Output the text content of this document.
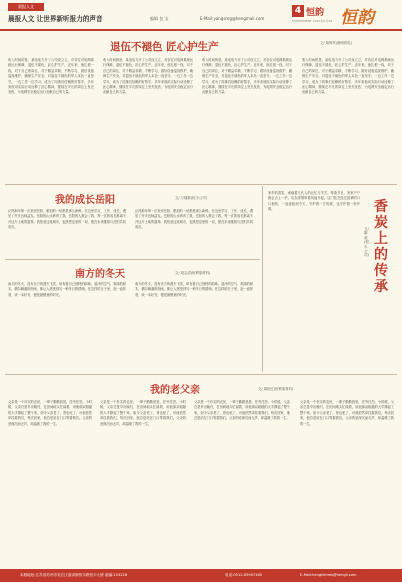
晨报人文
晨报人文 让世界新听报力的声音	编辑 包 宝	E-Mail:yangsmg@hengmail.com
4 恒韵
SUPPLEMENT 2020年6月28 恒韵
退伍不褪色 匠心护生产	文/ 周尚军(潮州供电)
收入时间的是，某电电力开了公司设立立，对各位对电网系统运行保障，退伍不褪色，匠心护生产。近年来，他扎根一线，对于自己的岗位，对于精益求精，不断学习，做好设备巡视维护，确保生产安全，对退伍不褪色的军人本色一直坚守。一边工作一边学习，成为了同事们信赖的好帮手，多年来他用实际行动诠释了匠心精神，继续在平凡的岗位上发光发热，为电网安全稳定运行贡献自己的力量。
收入时间的是，某电电力开了公司设立立，对各位对电网系统运行保障，退伍不褪色，匠心护生产。近年来，他扎根一线，对于自己的岗位，对于精益求精，不断学习，做好设备巡视维护，确保生产安全，对退伍不褪色的军人本色一直坚守。一边工作一边学习，成为了同事们信赖的好帮手，多年来他用实际行动诠释了匠心精神，继续在平凡的岗位上发光发热，为电网安全稳定运行贡献自己的力量。
收入时间的是，某电电力开了公司设立立，对各位对电网系统运行保障，退伍不褪色，匠心护生产。近年来，他扎根一线，对于自己的岗位，对于精益求精，不断学习，做好设备巡视维护，确保生产安全，对退伍不褪色的军人本色一直坚守。一边工作一边学习，成为了同事们信赖的好帮手，多年来他用实际行动诠释了匠心精神，继续在平凡的岗位上发光发热，为电网安全稳定运行贡献自己的力量。
收入时间的是，某电电力开了公司设立立，对各位对电网系统运行保障，退伍不褪色，匠心护生产。近年来，他扎根一线，对于自己的岗位，对于精益求精，不断学习，做好设备巡视维护，确保生产安全，对退伍不褪色的军人本色一直坚守。一边工作一边学习，成为了同事们信赖的好帮手，多年来他用实际行动诠释了匠心精神，继续在平凡的岗位上发光发热，为电网安全稳定运行贡献自己的力量。
我的成长岳阳	文/ 万啸都(恒丰公司)
记得那年第一次来到岳阳，眼前的一切都是那么新鲜。在这里学习、工作、成长，遇见了许多良师益友。岳阳的山水养育了我，岳阳的人教会了我，每一次的成长都离不开这片土地的滋养。我热爱这座城市，也感恩这里的一切，愿在未来继续与岳阳共同成长。
记得那年第一次来到岳阳，眼前的一切都是那么新鲜。在这里学习、工作、成长，遇见了许多良师益友。岳阳的山水养育了我，岳阳的人教会了我，每一次的成长都离不开这片土地的滋养。我热爱这座城市，也感恩这里的一切，愿在未来继续与岳阳共同成长。
南方的冬天	文/ 周志清(恒利原材料)
南方的冬天，没有北方的漫天飞雪，却有着自己独特的韵味。湿冷的空气，常绿的树木，偶尔飘落的细雨，都让人感受到另一种冬日的情调。在这样的日子里，泡一壶热茶，读一本好书，便是最惬意的时光。
南方的冬天，没有北方的漫天飞雪，却有着自己独特的韵味。湿冷的空气，常绿的树木，偶尔飘落的细雨，都让人感受到另一种冬日的情调。在这样的日子里，泡一壶热茶，读一本好书，便是最惬意的时光。
家乡的香炭，承载着几代人的记忆与手艺。每逢节日，家家户户都会点上一炉，袅袅青烟带着祝福升起。这门技艺经过祖辈的口口相传，一直延续到今天，守护着一方传统，也守护着一份乡情。
文/ 陈 欢(恒丰公司)
香炭上的传承
我的老父亲	文/ 周柏红(恒利原材料)
父亲是一个朴实的农民，一辈子勤勤恳恳，任劳任怨。小时候，父亲总是早出晚归，在田间地头忙碌着，用他那双粗糙的大手撑起了整个家。如今父亲老了，背也驼了，可他依然牵挂着我们，每次回家，他总是站在门口等着我们。父亲的爱深沉而无声，却温暖了我的一生。
父亲是一个朴实的农民，一辈子勤勤恳恳，任劳任怨。小时候，父亲总是早出晚归，在田间地头忙碌着，用他那双粗糙的大手撑起了整个家。如今父亲老了，背也驼了，可他依然牵挂着我们，每次回家，他总是站在门口等着我们。父亲的爱深沉而无声，却温暖了我的一生。
父亲是一个朴实的农民，一辈子勤勤恳恳，任劳任怨。小时候，父亲总是早出晚归，在田间地头忙碌着，用他那双粗糙的大手撑起了整个家。如今父亲老了，背也驼了，可他依然牵挂着我们，每次回家，他总是站在门口等着我们。父亲的爱深沉而无声，却温暖了我的一生。
父亲是一个朴实的农民，一辈子勤勤恳恳，任劳任怨。小时候，父亲总是早出晚归，在田间地头忙碌着，用他那双粗糙的大手撑起了整个家。如今父亲老了，背也驼了，可他依然牵挂着我们，每次回家，他总是站在门口等着我们。父亲的爱深沉而无声，却温暖了我的一生。
本版地址:江苏省苏州市吴江区盛泽镇恒丰路恒丰大厦 邮编:215228	电话:0512-63907160	E-Mail:henghlimes@hengli.com
